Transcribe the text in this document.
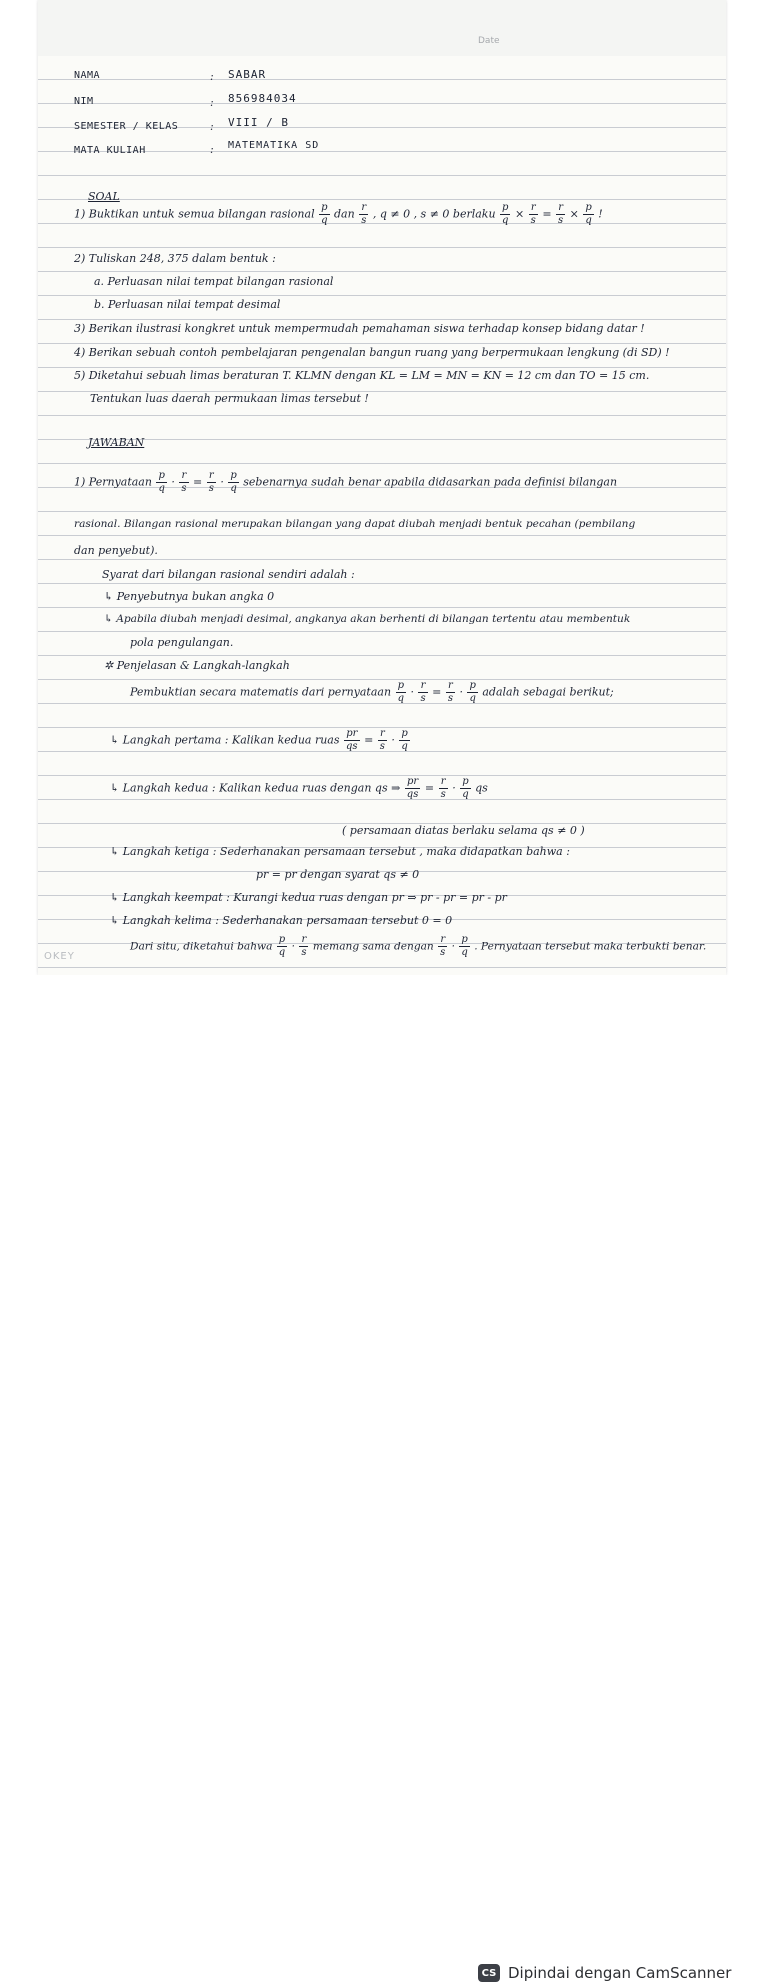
Date
NAMA	: SABAR
NIM	: 856984034
SEMESTER / KELAS	: VIII / B
MATA KULIAH	: MATEMATIKA SD
SOAL
1) Buktikan untuk semua bilangan rasional $\frac{p}{q}$ dan $\frac{r}{s}$ , q ≠ 0 , s ≠ 0 berlaku $\frac{p}{q} \times \frac{r}{s} = \frac{r}{s} \times \frac{p}{q}$ !
2) Tuliskan 248, 375 dalam bentuk :
a. Perluasan nilai tempat bilangan rasional
b. Perluasan nilai tempat desimal
3) Berikan ilustrasi kongkret untuk mempermudah pemahaman siswa terhadap konsep bidang datar !
4) Berikan sebuah contoh pembelajaran pengenalan bangun ruang yang berpermukaan lengkung (di SD) !
5) Diketahui sebuah limas beraturan T. KLMN dengan KL = LM = MN = KN = 12 cm dan TO = 15 cm.
Tentukan luas daerah permukaan limas tersebut !
JAWABAN
1) Pernyataan $\frac{p}{q} \cdot \frac{r}{s} = \frac{r}{s} \cdot \frac{p}{q}$ sebenarnya sudah benar apabila didasarkan pada definisi bilangan
rasional. Bilangan rasional merupakan bilangan yang dapat diubah menjadi bentuk pecahan (pembilang
dan penyebut).
Syarat dari bilangan rasional sendiri adalah :
↳ Penyebutnya bukan angka 0
↳ Apabila diubah menjadi desimal, angkanya akan berhenti di bilangan tertentu atau membentuk
pola pengulangan.
✲ Penjelasan & Langkah-langkah
Pembuktian secara matematis dari pernyataan $\frac{p}{q} \cdot \frac{r}{s} = \frac{r}{s} \cdot \frac{p}{q}$ adalah sebagai berikut;
↳ Langkah pertama : Kalikan kedua ruas $\frac{pr}{qs} = \frac{r}{s} \cdot \frac{p}{q}$
↳ Langkah kedua : Kalikan kedua ruas dengan qs ⇒ $\frac{pr}{qs} = \frac{r}{s} \cdot \frac{p}{q}$ qs
( persamaan diatas berlaku selama qs ≠ 0 )
↳ Langkah ketiga : Sederhanakan persamaan tersebut , maka didapatkan bahwa :
pr = pr dengan syarat qs ≠ 0
↳ Langkah keempat : Kurangi kedua ruas dengan pr ⇒ pr - pr = pr - pr
↳ Langkah kelima : Sederhanakan persamaan tersebut 0 = 0
Dari situ, diketahui bahwa $\frac{p}{q} \cdot \frac{r}{s}$ memang sama dengan $\frac{r}{s} \cdot \frac{p}{q}$ . Pernyataan tersebut maka terbukti benar.
OKEY
CS Dipindai dengan CamScanner
